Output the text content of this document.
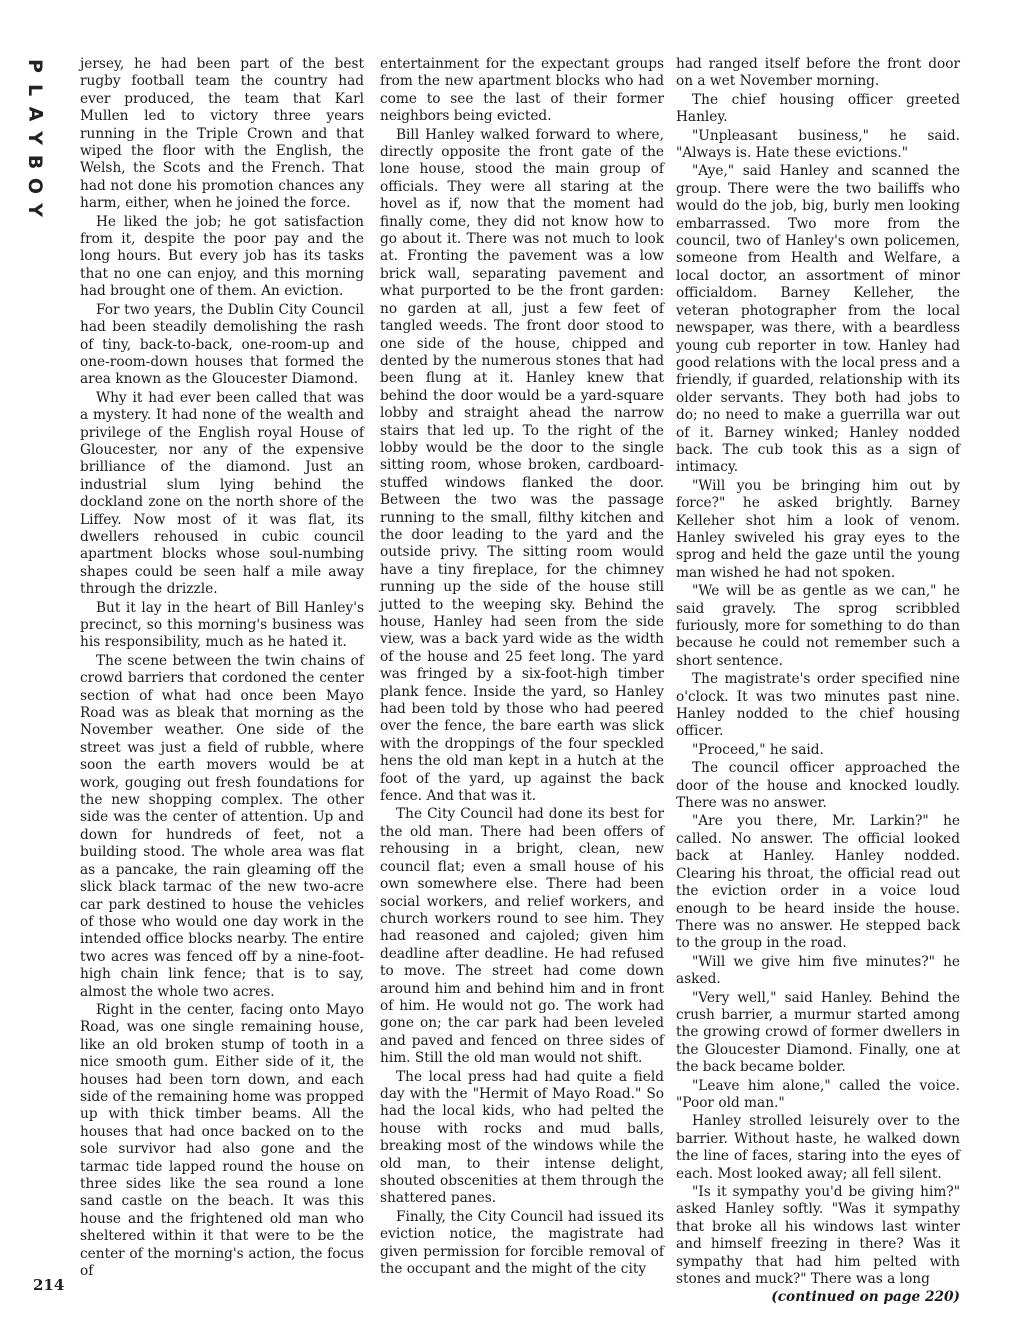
P
L
A
Y
B
O
Y

jersey, he had been part of the best rugby football team the country had ever produced, the team that Karl Mullen led to victory three years running in the Triple Crown and that wiped the floor with the English, the Welsh, the Scots and the French. That had not done his promotion chances any harm, either, when he joined the force.

He liked the job; he got satisfaction from it, despite the poor pay and the long hours. But every job has its tasks that no one can enjoy, and this morning had brought one of them. An eviction.

For two years, the Dublin City Council had been steadily demolishing the rash of tiny, back-to-back, one-room-up and one-room-down houses that formed the area known as the Gloucester Diamond.

Why it had ever been called that was a mystery. It had none of the wealth and privilege of the English royal House of Gloucester, nor any of the expensive brilliance of the diamond. Just an industrial slum lying behind the dockland zone on the north shore of the Liffey. Now most of it was flat, its dwellers rehoused in cubic council apartment blocks whose soul-numbing shapes could be seen half a mile away through the drizzle.

But it lay in the heart of Bill Hanley's precinct, so this morning's business was his responsibility, much as he hated it.

The scene between the twin chains of crowd barriers that cordoned the center section of what had once been Mayo Road was as bleak that morning as the November weather. One side of the street was just a field of rubble, where soon the earth movers would be at work, gouging out fresh foundations for the new shopping complex. The other side was the center of attention. Up and down for hundreds of feet, not a building stood. The whole area was flat as a pancake, the rain gleaming off the slick black tarmac of the new two-acre car park destined to house the vehicles of those who would one day work in the intended office blocks nearby. The entire two acres was fenced off by a nine-foot-high chain link fence; that is to say, almost the whole two acres.

Right in the center, facing onto Mayo Road, was one single remaining house, like an old broken stump of tooth in a nice smooth gum. Either side of it, the houses had been torn down, and each side of the remaining home was propped up with thick timber beams. All the houses that had once backed on to the sole survivor had also gone and the tarmac tide lapped round the house on three sides like the sea round a lone sand castle on the beach. It was this house and the frightened old man who sheltered within it that were to be the center of the morning's action, the focus of

entertainment for the expectant groups from the new apartment blocks who had come to see the last of their former neighbors being evicted.

Bill Hanley walked forward to where, directly opposite the front gate of the lone house, stood the main group of officials. They were all staring at the hovel as if, now that the moment had finally come, they did not know how to go about it. There was not much to look at. Fronting the pavement was a low brick wall, separating pavement and what purported to be the front garden: no garden at all, just a few feet of tangled weeds. The front door stood to one side of the house, chipped and dented by the numerous stones that had been flung at it. Hanley knew that behind the door would be a yard-square lobby and straight ahead the narrow stairs that led up. To the right of the lobby would be the door to the single sitting room, whose broken, cardboard-stuffed windows flanked the door. Between the two was the passage running to the small, filthy kitchen and the door leading to the yard and the outside privy. The sitting room would have a tiny fireplace, for the chimney running up the side of the house still jutted to the weeping sky. Behind the house, Hanley had seen from the side view, was a back yard wide as the width of the house and 25 feet long. The yard was fringed by a six-foot-high timber plank fence. Inside the yard, so Hanley had been told by those who had peered over the fence, the bare earth was slick with the droppings of the four speckled hens the old man kept in a hutch at the foot of the yard, up against the back fence. And that was it.

The City Council had done its best for the old man. There had been offers of rehousing in a bright, clean, new council flat; even a small house of his own somewhere else. There had been social workers, and relief workers, and church workers round to see him. They had reasoned and cajoled; given him deadline after deadline. He had refused to move. The street had come down around him and behind him and in front of him. He would not go. The work had gone on; the car park had been leveled and paved and fenced on three sides of him. Still the old man would not shift.

The local press had had quite a field day with the "Hermit of Mayo Road." So had the local kids, who had pelted the house with rocks and mud balls, breaking most of the windows while the old man, to their intense delight, shouted obscenities at them through the shattered panes.

Finally, the City Council had issued its eviction notice, the magistrate had given permission for forcible removal of the occupant and the might of the city

had ranged itself before the front door on a wet November morning.

The chief housing officer greeted Hanley.

"Unpleasant business," he said. "Always is. Hate these evictions."

"Aye," said Hanley and scanned the group. There were the two bailiffs who would do the job, big, burly men looking embarrassed. Two more from the council, two of Hanley's own policemen, someone from Health and Welfare, a local doctor, an assortment of minor officialdom. Barney Kelleher, the veteran photographer from the local newspaper, was there, with a beardless young cub reporter in tow. Hanley had good relations with the local press and a friendly, if guarded, relationship with its older servants. They both had jobs to do; no need to make a guerrilla war out of it. Barney winked; Hanley nodded back. The cub took this as a sign of intimacy.

"Will you be bringing him out by force?" he asked brightly. Barney Kelleher shot him a look of venom. Hanley swiveled his gray eyes to the sprog and held the gaze until the young man wished he had not spoken.

"We will be as gentle as we can," he said gravely. The sprog scribbled furiously, more for something to do than because he could not remember such a short sentence.

The magistrate's order specified nine o'clock. It was two minutes past nine. Hanley nodded to the chief housing officer.

"Proceed," he said.

The council officer approached the door of the house and knocked loudly. There was no answer.

"Are you there, Mr. Larkin?" he called. No answer. The official looked back at Hanley. Hanley nodded. Clearing his throat, the official read out the eviction order in a voice loud enough to be heard inside the house. There was no answer. He stepped back to the group in the road.

"Will we give him five minutes?" he asked.

"Very well," said Hanley. Behind the crush barrier, a murmur started among the growing crowd of former dwellers in the Gloucester Diamond. Finally, one at the back became bolder.

"Leave him alone," called the voice. "Poor old man."

Hanley strolled leisurely over to the barrier. Without haste, he walked down the line of faces, staring into the eyes of each. Most looked away; all fell silent.

"Is it sympathy you'd be giving him?" asked Hanley softly. "Was it sympathy that broke all his windows last winter and himself freezing in there? Was it sympathy that had him pelted with stones and muck?" There was a long

(continued on page 220)

214
